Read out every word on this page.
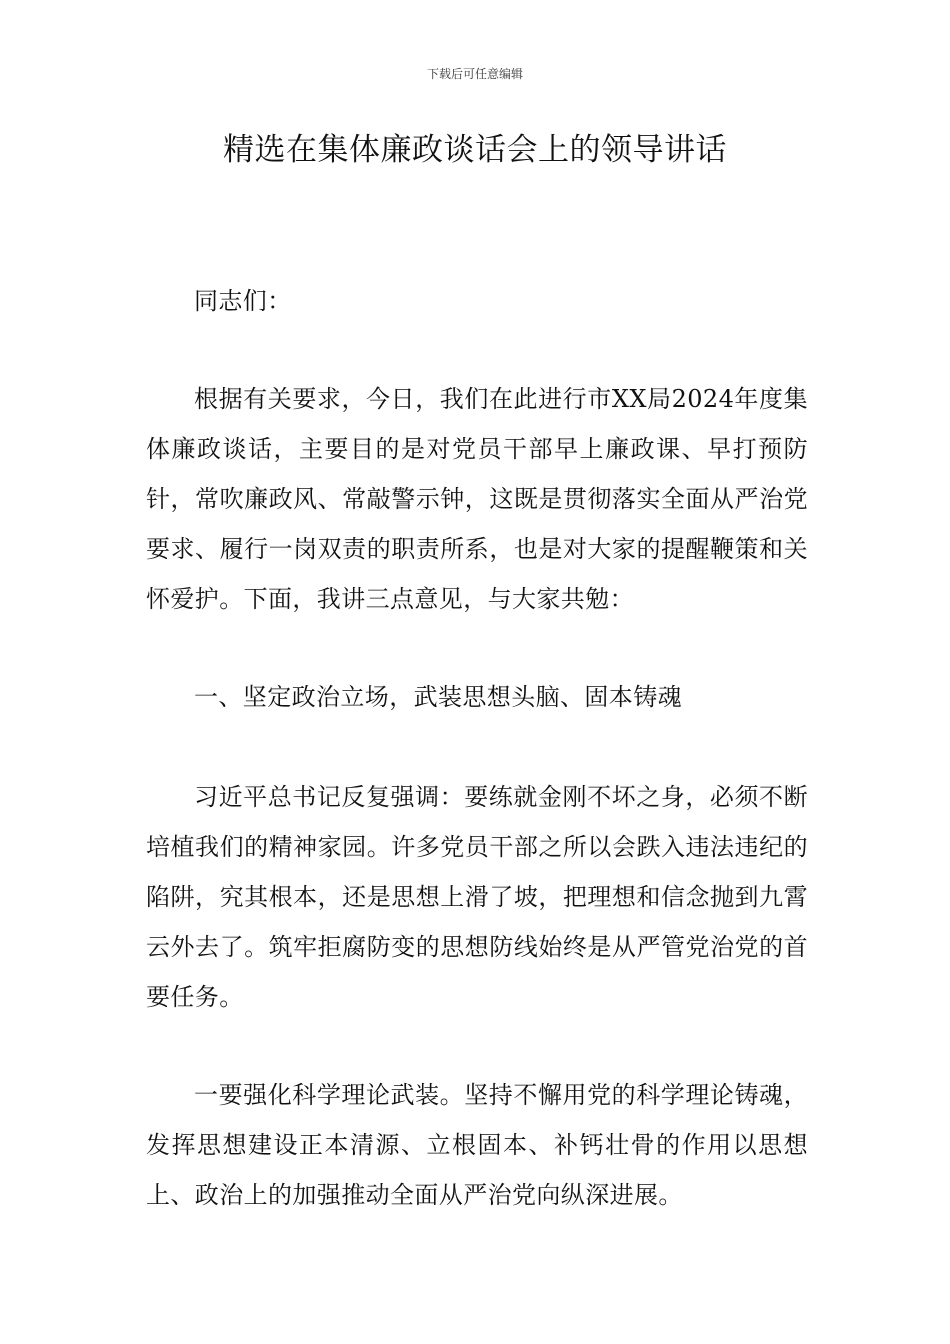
下载后可任意编辑
精选在集体廉政谈话会上的领导讲话

同志们：

根据有关要求，今日，我们在此进行市XX局2024年度集体廉政谈话，主要目的是对党员干部早上廉政课、早打预防针，常吹廉政风、常敲警示钟，这既是贯彻落实全面从严治党要求、履行一岗双责的职责所系，也是对大家的提醒鞭策和关怀爱护。下面，我讲三点意见，与大家共勉：

一、坚定政治立场，武装思想头脑、固本铸魂

习近平总书记反复强调：要练就金刚不坏之身，必须不断培植我们的精神家园。许多党员干部之所以会跌入违法违纪的陷阱，究其根本，还是思想上滑了坡，把理想和信念抛到九霄云外去了。筑牢拒腐防变的思想防线始终是从严管党治党的首要任务。

一要强化科学理论武装。坚持不懈用党的科学理论铸魂，发挥思想建设正本清源、立根固本、补钙壮骨的作用以思想上、政治上的加强推动全面从严治党向纵深进展。
